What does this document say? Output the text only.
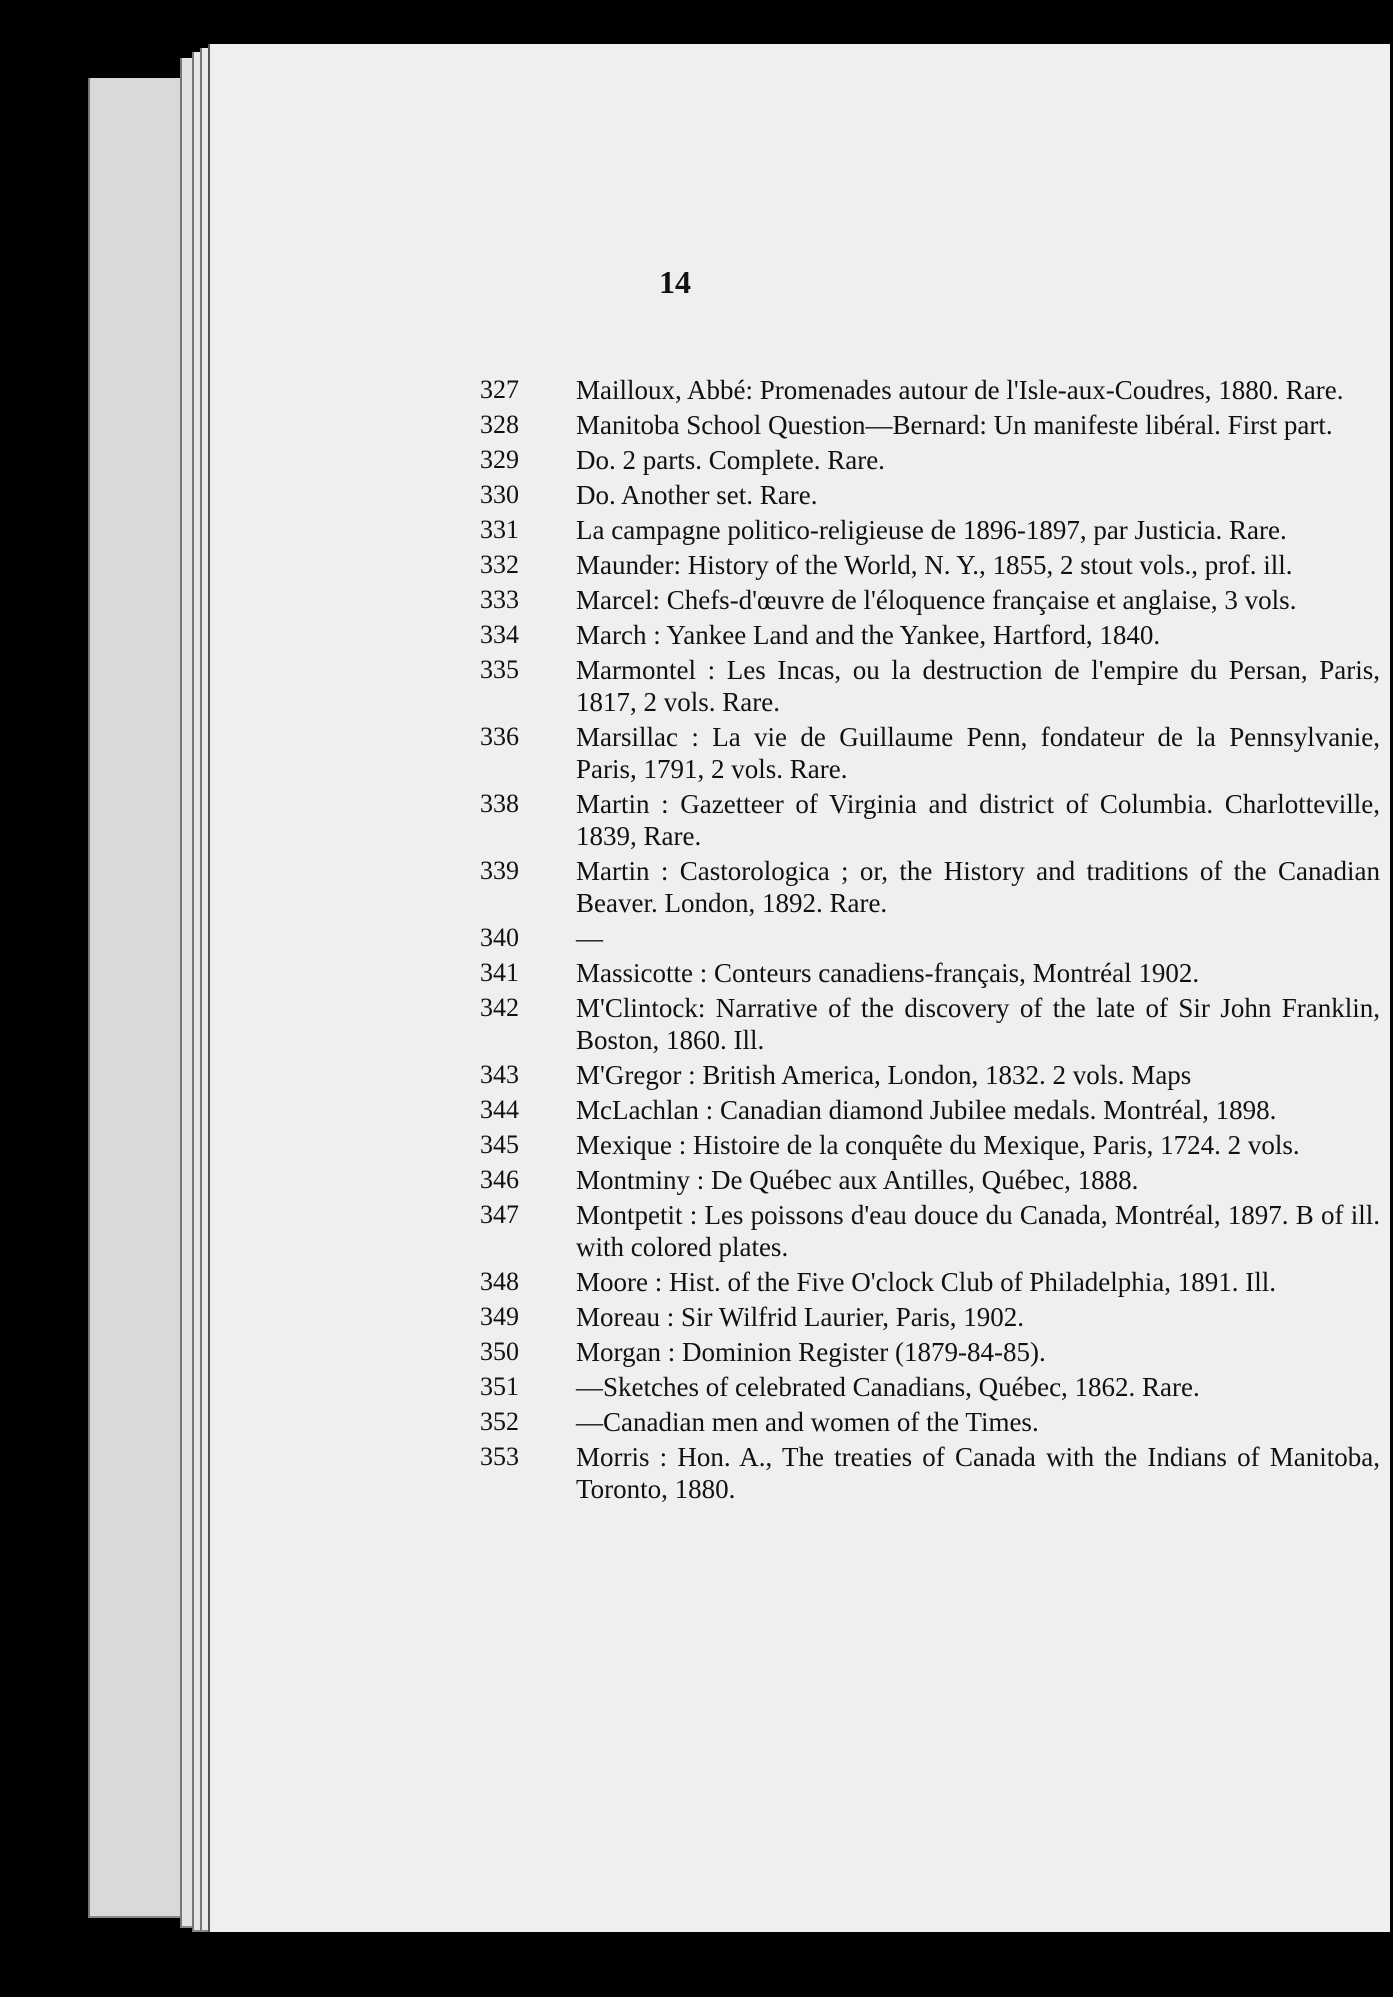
14
327	Mailloux, Abbé: Promenades autour de l'Isle-aux-Coudres, 1880. Rare.
328	Manitoba School Question—Bernard: Un manifeste libéral. First part.
329	Do. 2 parts. Complete. Rare.
330	Do. Another set. Rare.
331	La campagne politico-religieuse de 1896-1897, par Justicia. Rare.
332	Maunder: History of the World, N. Y., 1855, 2 stout vols., prof. ill.
333	Marcel: Chefs-d'œuvre de l'éloquence française et anglaise, 3 vols.
334	March : Yankee Land and the Yankee, Hartford, 1840.
335	Marmontel : Les Incas, ou la destruction de l'empire du Persan, Paris, 1817, 2 vols. Rare.
336	Marsillac : La vie de Guillaume Penn, fondateur de la Pennsylvanie, Paris, 1791, 2 vols. Rare.
338	Martin : Gazetteer of Virginia and district of Columbia. Charlotteville, 1839, Rare.
339	Martin : Castorologica ; or, the History and traditions of the Canadian Beaver. London, 1892. Rare.
340	—
341	Massicotte : Conteurs canadiens-français, Montréal 1902.
342	M'Clintock: Narrative of the discovery of the late of Sir John Franklin, Boston, 1860. Ill.
343	M'Gregor : British America, London, 1832. 2 vols. Maps
344	McLachlan : Canadian diamond Jubilee medals. Montréal, 1898.
345	Mexique : Histoire de la conquête du Mexique, Paris, 1724. 2 vols.
346	Montminy : De Québec aux Antilles, Québec, 1888.
347	Montpetit : Les poissons d'eau douce du Canada, Montréal, 1897. B of ill. with colored plates.
348	Moore : Hist. of the Five O'clock Club of Philadelphia, 1891. Ill.
349	Moreau : Sir Wilfrid Laurier, Paris, 1902.
350	Morgan : Dominion Register (1879-84-85).
351	—Sketches of celebrated Canadians, Québec, 1862. Rare.
352	—Canadian men and women of the Times.
353	Morris : Hon. A., The treaties of Canada with the Indians of Manitoba, Toronto, 1880.
